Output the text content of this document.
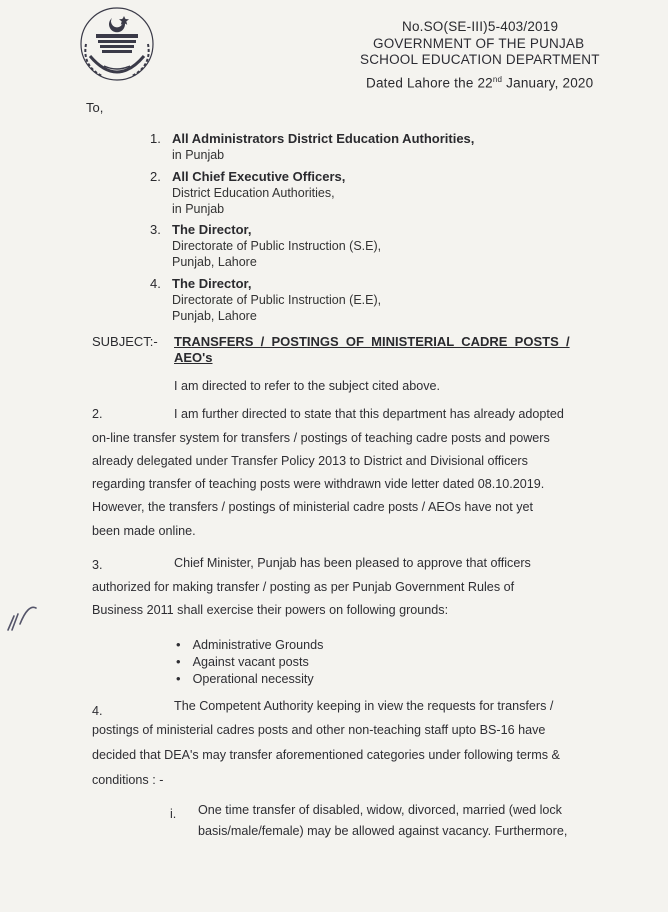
No.SO(SE-III)5-403/2019
GOVERNMENT OF THE PUNJAB
SCHOOL EDUCATION DEPARTMENT
Dated Lahore the 22nd January, 2020
To,
1. All Administrators District Education Authorities,
in Punjab
2. All Chief Executive Officers,
District Education Authorities,
in Punjab
3. The Director,
Directorate of Public Instruction (S.E),
Punjab, Lahore
4. The Director,
Directorate of Public Instruction (E.E),
Punjab, Lahore
SUBJECT:- TRANSFERS  /  POSTINGS  OF  MINISTERIAL  CADRE  POSTS  /
AEO's
I am directed to refer to the subject cited above.
2.	I am further directed to state that this department has already adopted
on-line transfer system for transfers / postings of teaching cadre posts and powers
already delegated under Transfer Policy 2013 to District and Divisional officers
regarding transfer of teaching posts were withdrawn vide letter dated 08.10.2019.
However, the transfers / postings of ministerial cadre posts / AEOs have not yet
been made online.
3.	Chief Minister, Punjab has been pleased to approve that officers
authorized for making transfer / posting as per Punjab Government Rules of
Business 2011 shall exercise their powers on following grounds:
• Administrative Grounds
• Against vacant posts
• Operational necessity
4.	The Competent Authority keeping in view the requests for transfers /
postings of ministerial cadres posts and other non-teaching staff upto BS-16 have
decided that DEA's may transfer aforementioned categories under following terms &
conditions : -
i. One time transfer of disabled, widow, divorced, married (wed lock
basis/male/female) may be allowed against vacancy. Furthermore,
